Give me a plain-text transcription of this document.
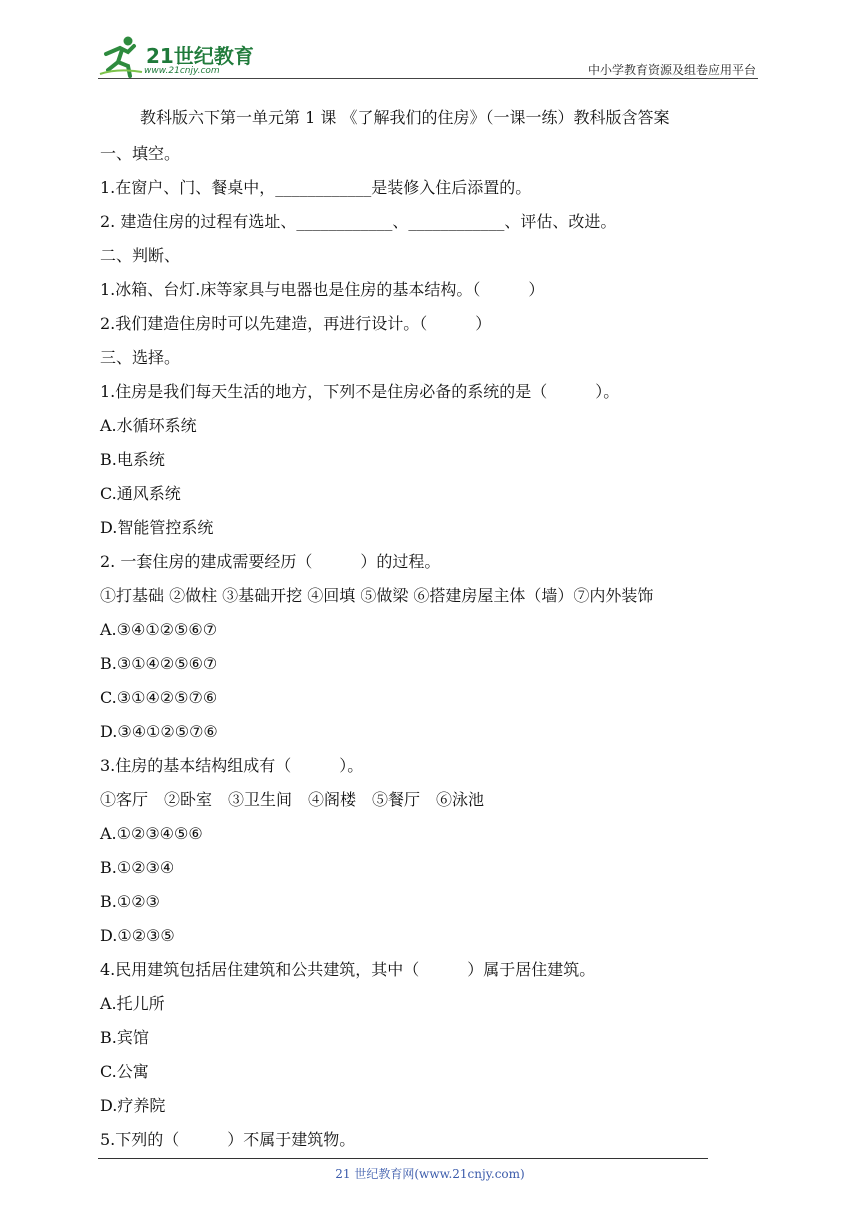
21世纪教育
www.21cnjy.com	中小学教育资源及组卷应用平台
教科版六下第一单元第 1 课 《了解我们的住房》（一课一练）教科版含答案
一、填空。
1.在窗户、门、餐桌中，____________是装修入住后添置的。
2. 建造住房的过程有选址、____________、____________、评估、改进。
二、判断、
1.冰箱、台灯.床等家具与电器也是住房的基本结构。（　　　）
2.我们建造住房时可以先建造，再进行设计。（　　　）
三、选择。
1.住房是我们每天生活的地方，下列不是住房必备的系统的是（　　　）。
A.水循环系统
B.电系统
C.通风系统
D.智能管控系统
2. 一套住房的建成需要经历（　　　）的过程。
①打基础 ②做柱 ③基础开挖 ④回填 ⑤做梁 ⑥搭建房屋主体（墙）⑦内外装饰
A.③④①②⑤⑥⑦
B.③①④②⑤⑥⑦
C.③①④②⑤⑦⑥
D.③④①②⑤⑦⑥
3.住房的基本结构组成有（　　　）。
①客厅　②卧室　③卫生间　④阁楼　⑤餐厅　⑥泳池
A.①②③④⑤⑥
B.①②③④
B.①②③
D.①②③⑤
4.民用建筑包括居住建筑和公共建筑，其中（　　　）属于居住建筑。
A.托儿所
B.宾馆
C.公寓
D.疗养院
5.下列的（　　　）不属于建筑物。
21 世纪教育网(www.21cnjy.com)
